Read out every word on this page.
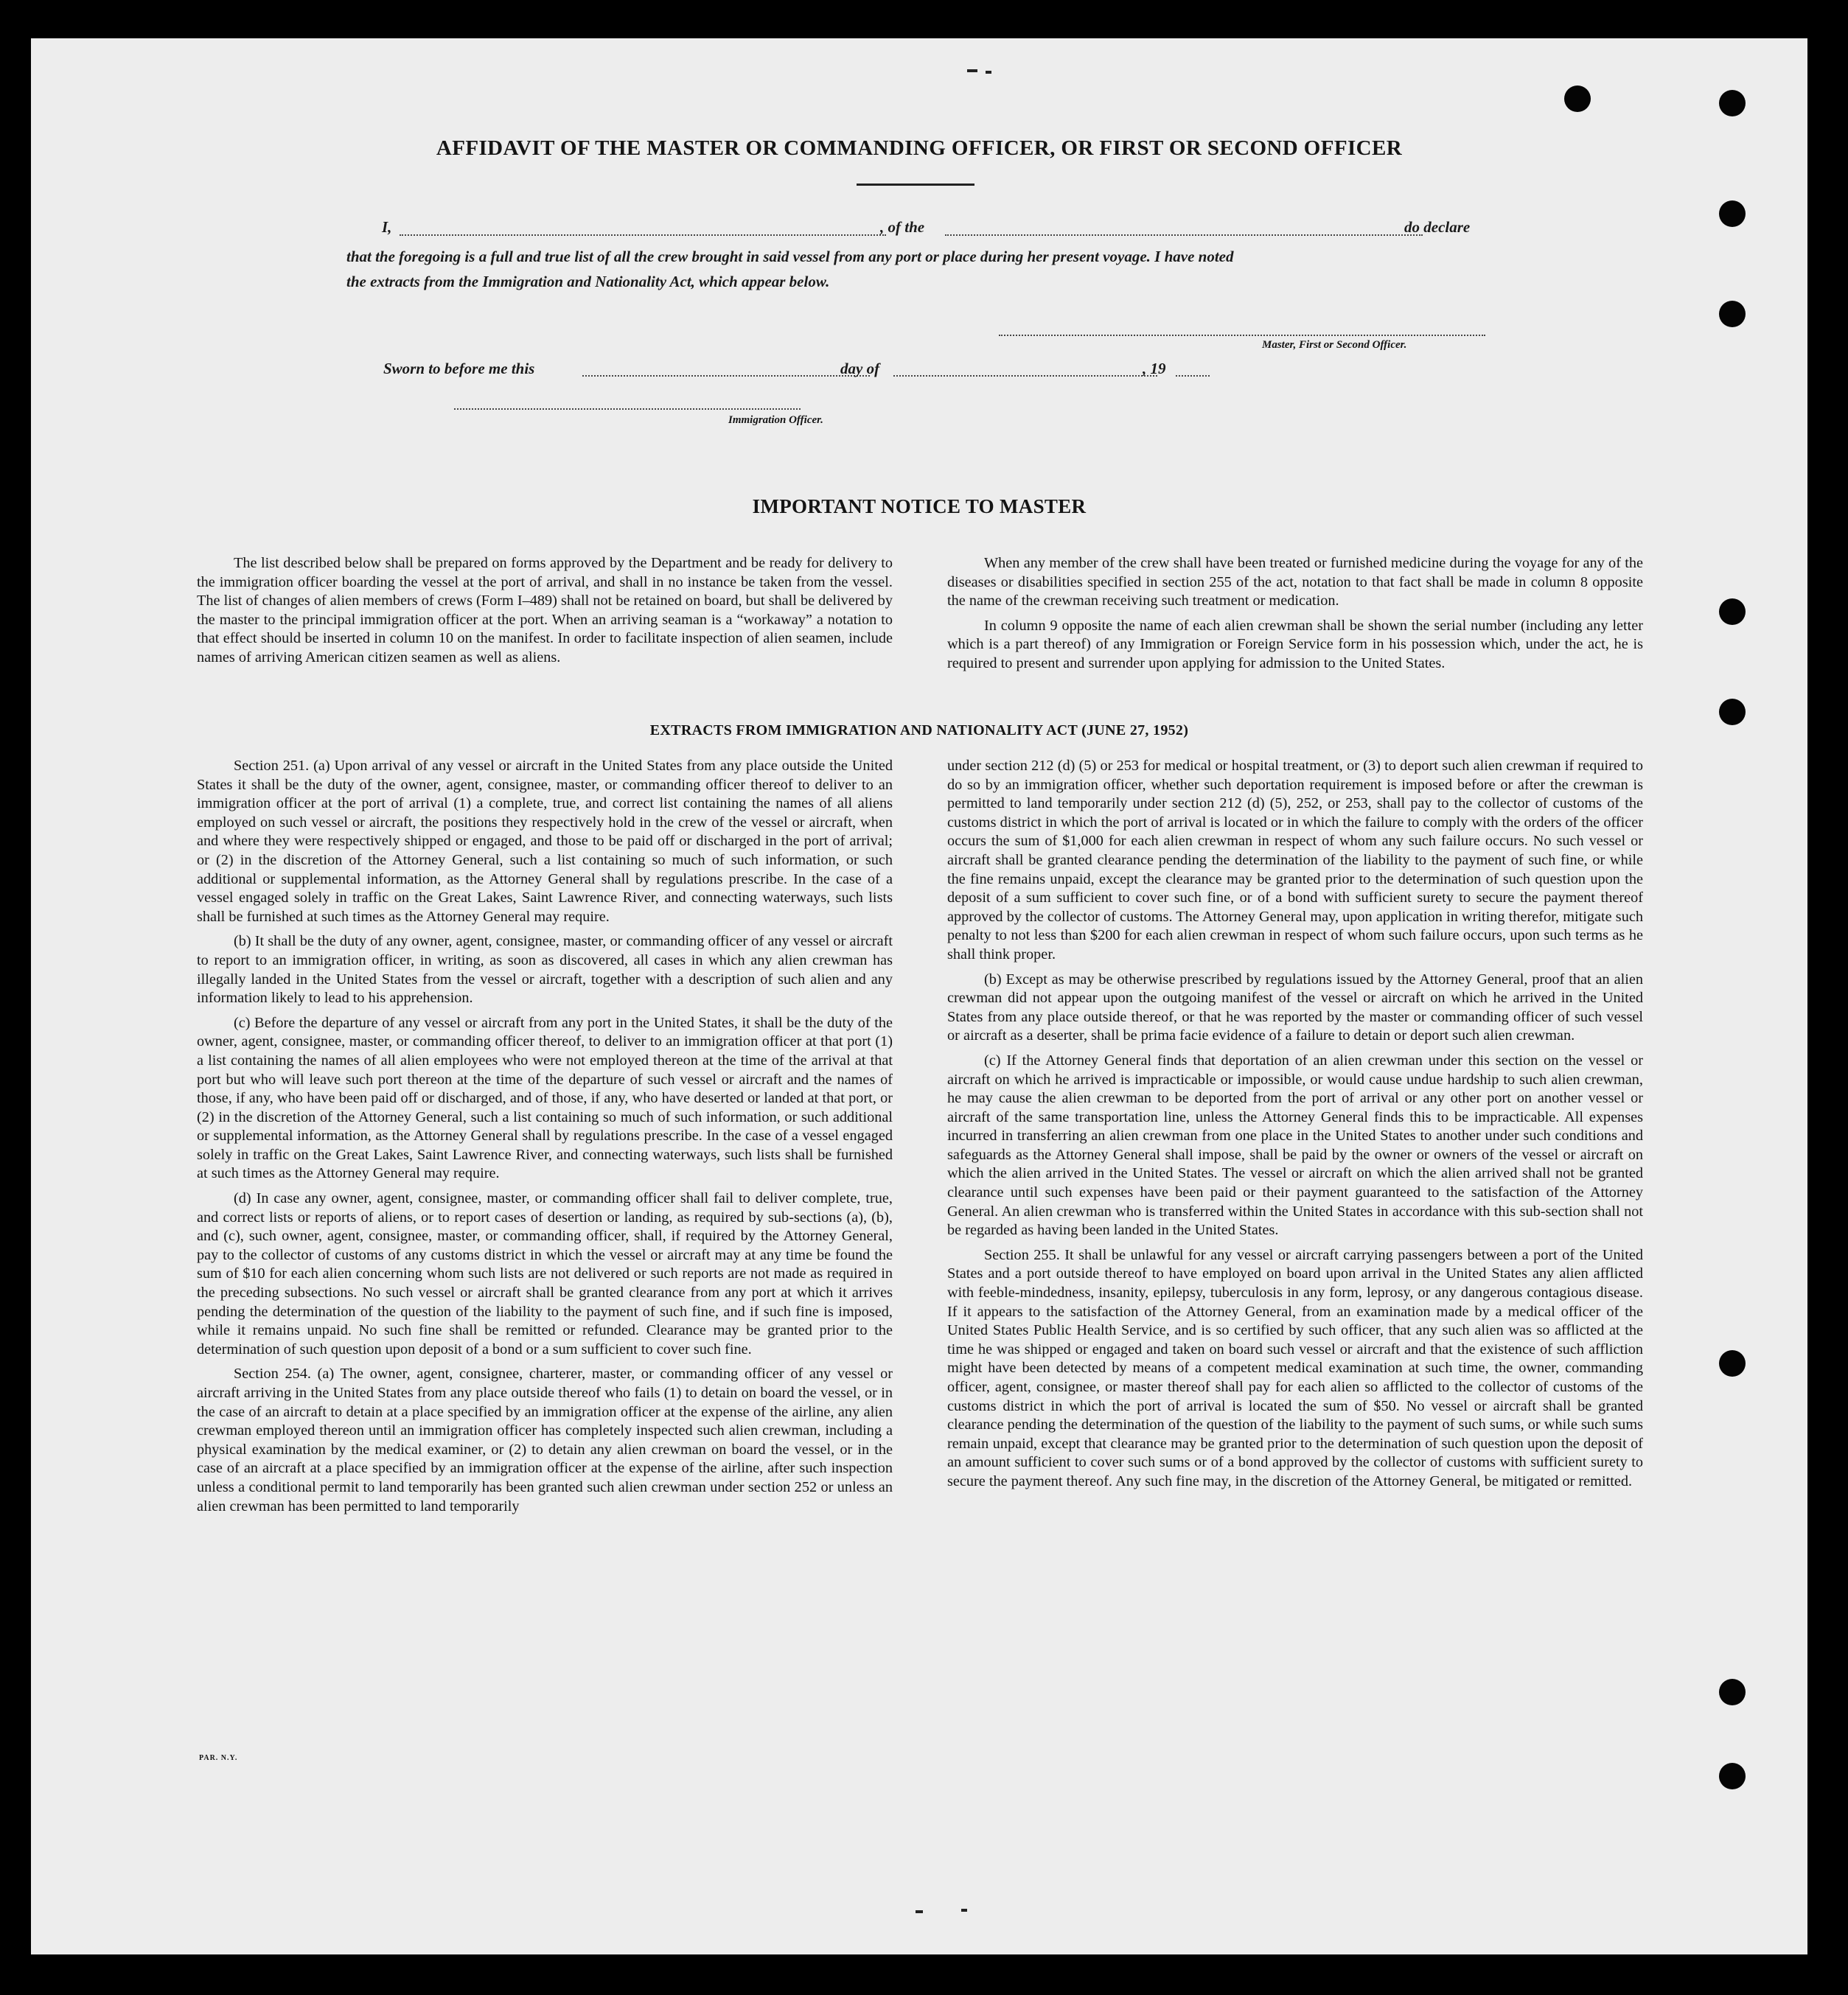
AFFIDAVIT OF THE MASTER OR COMMANDING OFFICER, OR FIRST OR SECOND OFFICER
I,	, of the	do declare
that the foregoing is a full and true list of all the crew brought in said vessel from any port or place during her present voyage. I have noted
the extracts from the Immigration and Nationality Act, which appear below.
Master, First or Second Officer.
Sworn to before me this	day of	, 19
Immigration Officer.
IMPORTANT NOTICE TO MASTER

The list described below shall be prepared on forms approved by the Department and be ready for delivery to the immigration officer boarding the vessel at the port of arrival, and shall in no instance be taken from the vessel. The list of changes of alien members of crews (Form I–489) shall not be retained on board, but shall be delivered by the master to the principal immigration officer at the port. When an arriving seaman is a “workaway” a notation to that effect should be inserted in column 10 on the manifest. In order to facilitate inspection of alien seamen, include names of arriving American citizen seamen as well as aliens.

When any member of the crew shall have been treated or furnished medicine during the voyage for any of the diseases or disabilities specified in section 255 of the act, notation to that fact shall be made in column 8 opposite the name of the crewman receiving such treatment or medication.

In column 9 opposite the name of each alien crewman shall be shown the serial number (including any letter which is a part thereof) of any Immigration or Foreign Service form in his possession which, under the act, he is required to present and surrender upon applying for admission to the United States.

EXTRACTS FROM IMMIGRATION AND NATIONALITY ACT (JUNE 27, 1952)

Section 251. (a) Upon arrival of any vessel or aircraft in the United States from any place outside the United States it shall be the duty of the owner, agent, consignee, master, or commanding officer thereof to deliver to an immigration officer at the port of arrival (1) a complete, true, and correct list containing the names of all aliens employed on such vessel or aircraft, the positions they respectively hold in the crew of the vessel or aircraft, when and where they were respectively shipped or engaged, and those to be paid off or discharged in the port of arrival; or (2) in the discretion of the Attorney General, such a list containing so much of such information, or such additional or supplemental information, as the Attorney General shall by regulations prescribe. In the case of a vessel engaged solely in traffic on the Great Lakes, Saint Lawrence River, and connecting waterways, such lists shall be furnished at such times as the Attorney General may require.

(b) It shall be the duty of any owner, agent, consignee, master, or commanding officer of any vessel or aircraft to report to an immigration officer, in writing, as soon as discovered, all cases in which any alien crewman has illegally landed in the United States from the vessel or aircraft, together with a description of such alien and any information likely to lead to his apprehension.

(c) Before the departure of any vessel or aircraft from any port in the United States, it shall be the duty of the owner, agent, consignee, master, or commanding officer thereof, to deliver to an immigration officer at that port (1) a list containing the names of all alien employees who were not employed thereon at the time of the arrival at that port but who will leave such port thereon at the time of the departure of such vessel or aircraft and the names of those, if any, who have been paid off or discharged, and of those, if any, who have deserted or landed at that port, or (2) in the discretion of the Attorney General, such a list containing so much of such information, or such additional or supplemental information, as the Attorney General shall by regulations prescribe. In the case of a vessel engaged solely in traffic on the Great Lakes, Saint Lawrence River, and connecting waterways, such lists shall be furnished at such times as the Attorney General may require.

(d) In case any owner, agent, consignee, master, or commanding officer shall fail to deliver complete, true, and correct lists or reports of aliens, or to report cases of desertion or landing, as required by sub-sections (a), (b), and (c), such owner, agent, consignee, master, or commanding officer, shall, if required by the Attorney General, pay to the collector of customs of any customs district in which the vessel or aircraft may at any time be found the sum of $10 for each alien concerning whom such lists are not delivered or such reports are not made as required in the preceding subsections. No such vessel or aircraft shall be granted clearance from any port at which it arrives pending the determination of the question of the liability to the payment of such fine, and if such fine is imposed, while it remains unpaid. No such fine shall be remitted or refunded. Clearance may be granted prior to the determination of such question upon deposit of a bond or a sum sufficient to cover such fine.

Section 254. (a) The owner, agent, consignee, charterer, master, or commanding officer of any vessel or aircraft arriving in the United States from any place outside thereof who fails (1) to detain on board the vessel, or in the case of an aircraft to detain at a place specified by an immigration officer at the expense of the airline, any alien crewman employed thereon until an immigration officer has completely inspected such alien crewman, including a physical examination by the medical examiner, or (2) to detain any alien crewman on board the vessel, or in the case of an aircraft at a place specified by an immigration officer at the expense of the airline, after such inspection unless a conditional permit to land temporarily has been granted such alien crewman under section 252 or unless an alien crewman has been permitted to land temporarily

under section 212 (d) (5) or 253 for medical or hospital treatment, or (3) to deport such alien crewman if required to do so by an immigration officer, whether such deportation requirement is imposed before or after the crewman is permitted to land temporarily under section 212 (d) (5), 252, or 253, shall pay to the collector of customs of the customs district in which the port of arrival is located or in which the failure to comply with the orders of the officer occurs the sum of $1,000 for each alien crewman in respect of whom any such failure occurs. No such vessel or aircraft shall be granted clearance pending the determination of the liability to the payment of such fine, or while the fine remains unpaid, except the clearance may be granted prior to the determination of such question upon the deposit of a sum sufficient to cover such fine, or of a bond with sufficient surety to secure the payment thereof approved by the collector of customs. The Attorney General may, upon application in writing therefor, mitigate such penalty to not less than $200 for each alien crewman in respect of whom such failure occurs, upon such terms as he shall think proper.

(b) Except as may be otherwise prescribed by regulations issued by the Attorney General, proof that an alien crewman did not appear upon the outgoing manifest of the vessel or aircraft on which he arrived in the United States from any place outside thereof, or that he was reported by the master or commanding officer of such vessel or aircraft as a deserter, shall be prima facie evidence of a failure to detain or deport such alien crewman.

(c) If the Attorney General finds that deportation of an alien crewman under this section on the vessel or aircraft on which he arrived is impracticable or impossible, or would cause undue hardship to such alien crewman, he may cause the alien crewman to be deported from the port of arrival or any other port on another vessel or aircraft of the same transportation line, unless the Attorney General finds this to be impracticable. All expenses incurred in transferring an alien crewman from one place in the United States to another under such conditions and safeguards as the Attorney General shall impose, shall be paid by the owner or owners of the vessel or aircraft on which the alien arrived in the United States. The vessel or aircraft on which the alien arrived shall not be granted clearance until such expenses have been paid or their payment guaranteed to the satisfaction of the Attorney General. An alien crewman who is transferred within the United States in accordance with this sub-section shall not be regarded as having been landed in the United States.

Section 255. It shall be unlawful for any vessel or aircraft carrying passengers between a port of the United States and a port outside thereof to have employed on board upon arrival in the United States any alien afflicted with feeble-mindedness, insanity, epilepsy, tuberculosis in any form, leprosy, or any dangerous contagious disease. If it appears to the satisfaction of the Attorney General, from an examination made by a medical officer of the United States Public Health Service, and is so certified by such officer, that any such alien was so afflicted at the time he was shipped or engaged and taken on board such vessel or aircraft and that the existence of such affliction might have been detected by means of a competent medical examination at such time, the owner, commanding officer, agent, consignee, or master thereof shall pay for each alien so afflicted to the collector of customs of the customs district in which the port of arrival is located the sum of $50. No vessel or aircraft shall be granted clearance pending the determination of the question of the liability to the payment of such sums, or while such sums remain unpaid, except that clearance may be granted prior to the determination of such question upon the deposit of an amount sufficient to cover such sums or of a bond approved by the collector of customs with sufficient surety to secure the payment thereof. Any such fine may, in the discretion of the Attorney General, be mitigated or remitted.

PAR. N.Y.
